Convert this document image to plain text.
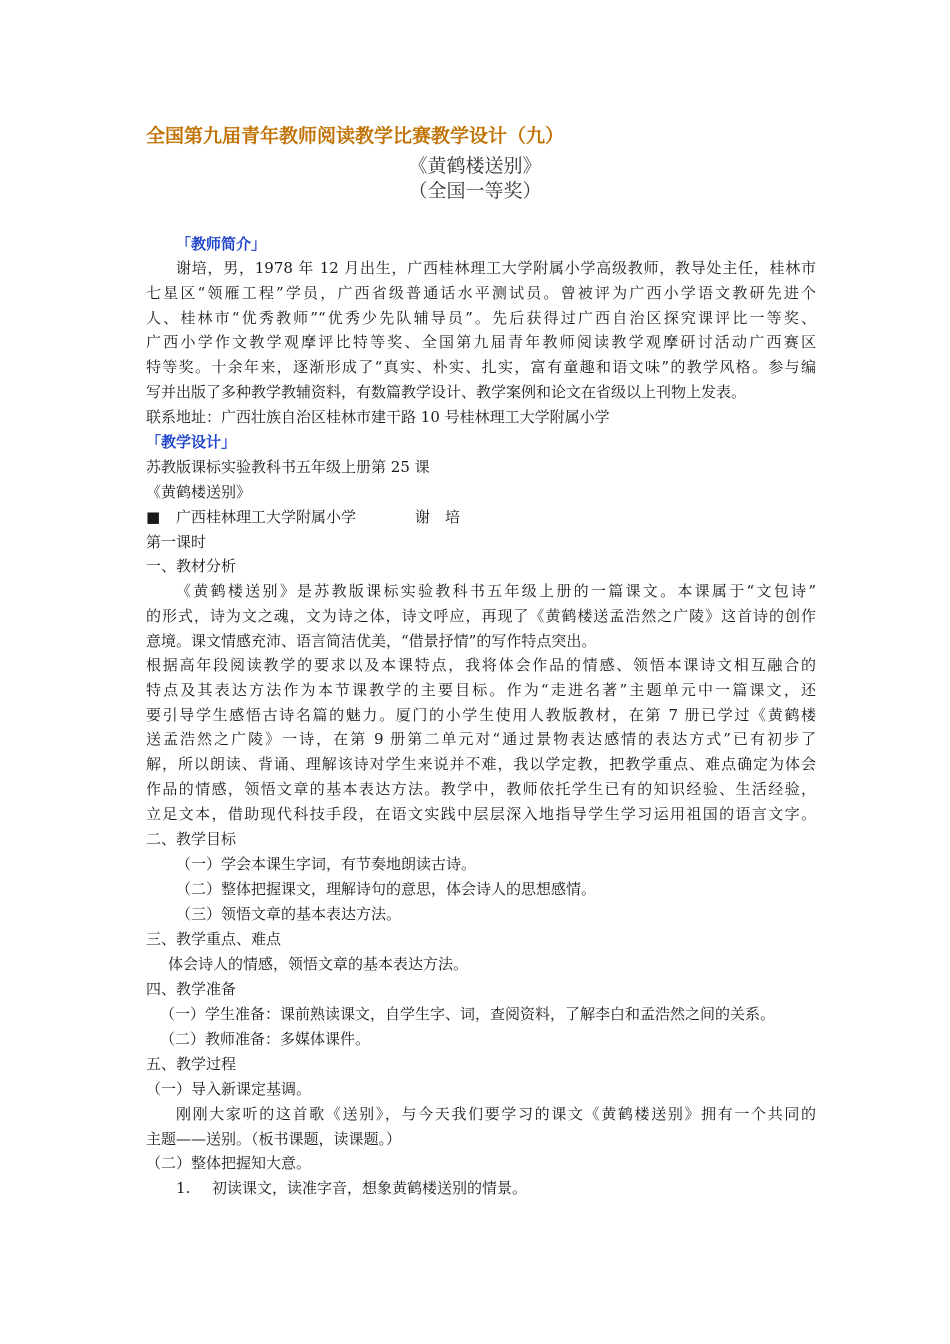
全国第九届青年教师阅读教学比赛教学设计（九）
《黄鹤楼送别》
（全国一等奖）
「教师简介」
谢培，男，1978 年 12 月出生，广西桂林理工大学附属小学高级教师，教导处主任，桂林市
七星区“领雁工程”学员，广西省级普通话水平测试员。曾被评为广西小学语文教研先进个
人、桂林市“优秀教师”“优秀少先队辅导员”。先后获得过广西自治区探究课评比一等奖、
广西小学作文教学观摩评比特等奖、全国第九届青年教师阅读教学观摩研讨活动广西赛区
特等奖。十余年来，逐渐形成了“真实、朴实、扎实，富有童趣和语文味”的教学风格。参与编
写并出版了多种教学教辅资料，有数篇教学设计、教学案例和论文在省级以上刊物上发表。
联系地址：广西壮族自治区桂林市建干路 10 号桂林理工大学附属小学
「教学设计」
苏教版课标实验教科书五年级上册第 25 课
《黄鹤楼送别》
■ 广西桂林理工大学附属小学	谢　培
第一课时
一、教材分析
《黄鹤楼送别》是苏教版课标实验教科书五年级上册的一篇课文。本课属于“文包诗”
的形式，诗为文之魂，文为诗之体，诗文呼应，再现了《黄鹤楼送孟浩然之广陵》这首诗的创作
意境。课文情感充沛、语言简洁优美，“借景抒情”的写作特点突出。
根据高年段阅读教学的要求以及本课特点，我将体会作品的情感、领悟本课诗文相互融合的
特点及其表达方法作为本节课教学的主要目标。作为“走进名著”主题单元中一篇课文，还
要引导学生感悟古诗名篇的魅力。厦门的小学生使用人教版教材，在第 7 册已学过《黄鹤楼
送孟浩然之广陵》一诗，在第 9 册第二单元对“通过景物表达感情的表达方式”已有初步了
解，所以朗读、背诵、理解该诗对学生来说并不难，我以学定教，把教学重点、难点确定为体会
作品的情感，领悟文章的基本表达方法。教学中，教师依托学生已有的知识经验、生活经验，
立足文本，借助现代科技手段，在语文实践中层层深入地指导学生学习运用祖国的语言文字。
二、教学目标
（一）学会本课生字词，有节奏地朗读古诗。
（二）整体把握课文，理解诗句的意思，体会诗人的思想感情。
（三）领悟文章的基本表达方法。
三、教学重点、难点
体会诗人的情感，领悟文章的基本表达方法。
四、教学准备
（一）学生准备：课前熟读课文，自学生字、词，查阅资料，了解李白和孟浩然之间的关系。
（二）教师准备：多媒体课件。
五、教学过程
（一）导入新课定基调。
刚刚大家听的这首歌《送别》，与今天我们要学习的课文《黄鹤楼送别》拥有一个共同的
主题——送别。（板书课题，读课题。）
（二）整体把握知大意。
1. 初读课文，读准字音，想象黄鹤楼送别的情景。
